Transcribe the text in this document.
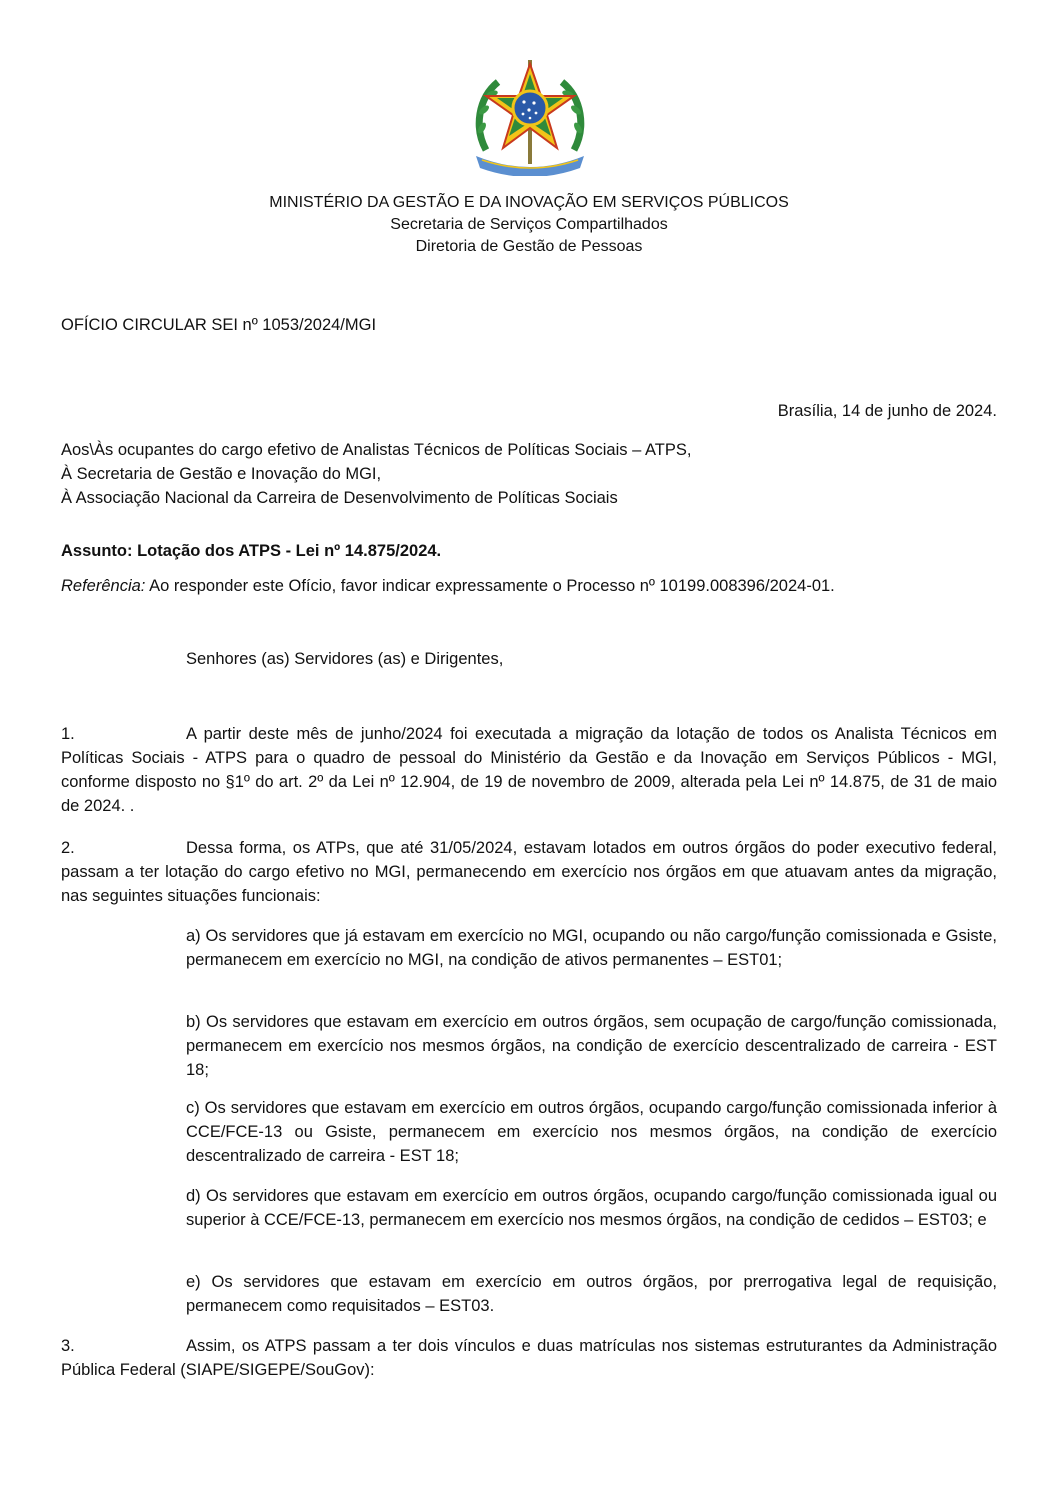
MINISTÉRIO DA GESTÃO E DA INOVAÇÃO EM SERVIÇOS PÚBLICOS
Secretaria de Serviços Compartilhados
Diretoria de Gestão de Pessoas
OFÍCIO CIRCULAR SEI nº 1053/2024/MGI
Brasília, 14 de junho de 2024.
Aos\Às ocupantes do cargo efetivo de Analistas Técnicos de Políticas Sociais – ATPS,
À Secretaria de Gestão e Inovação do MGI,
À Associação Nacional da Carreira de Desenvolvimento de Políticas Sociais
Assunto: Lotação dos ATPS - Lei nº 14.875/2024.
Referência: Ao responder este Ofício, favor indicar expressamente o Processo nº 10199.008396/2024-01.
Senhores (as) Servidores (as) e Dirigentes,
1.	A partir deste mês de junho/2024 foi executada a migração da lotação de todos os Analista Técnicos em Políticas Sociais - ATPS para o quadro de pessoal do Ministério da Gestão e da Inovação em Serviços Públicos - MGI, conforme disposto no §1º do art. 2º da Lei nº 12.904, de 19 de novembro de 2009, alterada pela Lei nº 14.875, de 31 de maio de 2024. .
2.	Dessa forma, os ATPs, que até 31/05/2024, estavam lotados em outros órgãos do poder executivo federal, passam a ter lotação do cargo efetivo no MGI, permanecendo em exercício nos órgãos em que atuavam antes da migração, nas seguintes situações funcionais:
a) Os servidores que já estavam em exercício no MGI, ocupando ou não cargo/função comissionada e Gsiste, permanecem em exercício no MGI, na condição de ativos permanentes – EST01;
b) Os servidores que estavam em exercício em outros órgãos, sem ocupação de cargo/função comissionada, permanecem em exercício nos mesmos órgãos, na condição de exercício descentralizado de carreira - EST 18;
c) Os servidores que estavam em exercício em outros órgãos, ocupando cargo/função comissionada inferior à CCE/FCE-13 ou Gsiste, permanecem em exercício nos mesmos órgãos, na condição de exercício descentralizado de carreira - EST 18;
d) Os servidores que estavam em exercício em outros órgãos, ocupando cargo/função comissionada igual ou superior à CCE/FCE-13, permanecem em exercício nos mesmos órgãos, na condição de cedidos – EST03; e
e) Os servidores que estavam em exercício em outros órgãos, por prerrogativa legal de requisição, permanecem como requisitados – EST03.
3.	Assim, os ATPS passam a ter dois vínculos e duas matrículas nos sistemas estruturantes da Administração Pública Federal (SIAPE/SIGEPE/SouGov):
